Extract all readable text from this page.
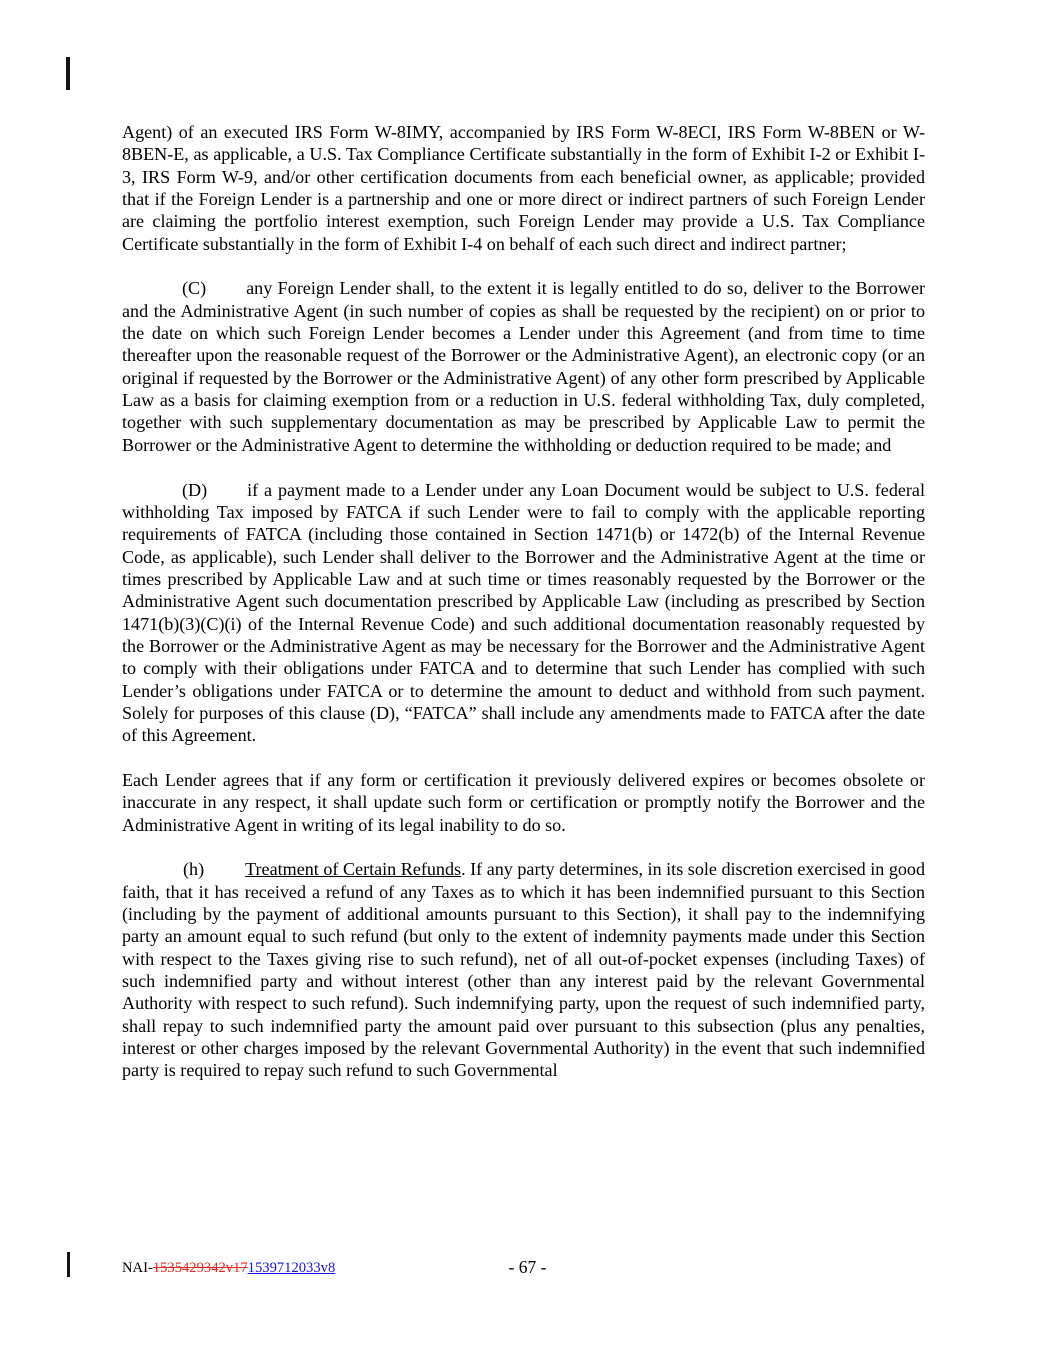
Agent) of an executed IRS Form W-8IMY, accompanied by IRS Form W-8ECI, IRS Form W-8BEN or W-8BEN-E, as applicable, a U.S. Tax Compliance Certificate substantially in the form of Exhibit I-2 or Exhibit I-3, IRS Form W-9, and/or other certification documents from each beneficial owner, as applicable; provided that if the Foreign Lender is a partnership and one or more direct or indirect partners of such Foreign Lender are claiming the portfolio interest exemption, such Foreign Lender may provide a U.S. Tax Compliance Certificate substantially in the form of Exhibit I-4 on behalf of each such direct and indirect partner;

(C) any Foreign Lender shall, to the extent it is legally entitled to do so, deliver to the Borrower and the Administrative Agent (in such number of copies as shall be requested by the recipient) on or prior to the date on which such Foreign Lender becomes a Lender under this Agreement (and from time to time thereafter upon the reasonable request of the Borrower or the Administrative Agent), an electronic copy (or an original if requested by the Borrower or the Administrative Agent) of any other form prescribed by Applicable Law as a basis for claiming exemption from or a reduction in U.S. federal withholding Tax, duly completed, together with such supplementary documentation as may be prescribed by Applicable Law to permit the Borrower or the Administrative Agent to determine the withholding or deduction required to be made; and

(D) if a payment made to a Lender under any Loan Document would be subject to U.S. federal withholding Tax imposed by FATCA if such Lender were to fail to comply with the applicable reporting requirements of FATCA (including those contained in Section 1471(b) or 1472(b) of the Internal Revenue Code, as applicable), such Lender shall deliver to the Borrower and the Administrative Agent at the time or times prescribed by Applicable Law and at such time or times reasonably requested by the Borrower or the Administrative Agent such documentation prescribed by Applicable Law (including as prescribed by Section 1471(b)(3)(C)(i) of the Internal Revenue Code) and such additional documentation reasonably requested by the Borrower or the Administrative Agent as may be necessary for the Borrower and the Administrative Agent to comply with their obligations under FATCA and to determine that such Lender has complied with such Lender’s obligations under FATCA or to determine the amount to deduct and withhold from such payment. Solely for purposes of this clause (D), “FATCA” shall include any amendments made to FATCA after the date of this Agreement.

Each Lender agrees that if any form or certification it previously delivered expires or becomes obsolete or inaccurate in any respect, it shall update such form or certification or promptly notify the Borrower and the Administrative Agent in writing of its legal inability to do so.

(h) Treatment of Certain Refunds. If any party determines, in its sole discretion exercised in good faith, that it has received a refund of any Taxes as to which it has been indemnified pursuant to this Section (including by the payment of additional amounts pursuant to this Section), it shall pay to the indemnifying party an amount equal to such refund (but only to the extent of indemnity payments made under this Section with respect to the Taxes giving rise to such refund), net of all out-of-pocket expenses (including Taxes) of such indemnified party and without interest (other than any interest paid by the relevant Governmental Authority with respect to such refund). Such indemnifying party, upon the request of such indemnified party, shall repay to such indemnified party the amount paid over pursuant to this subsection (plus any penalties, interest or other charges imposed by the relevant Governmental Authority) in the event that such indemnified party is required to repay such refund to such Governmental

NAI-1535429342v171539712033v8	- 67 -
